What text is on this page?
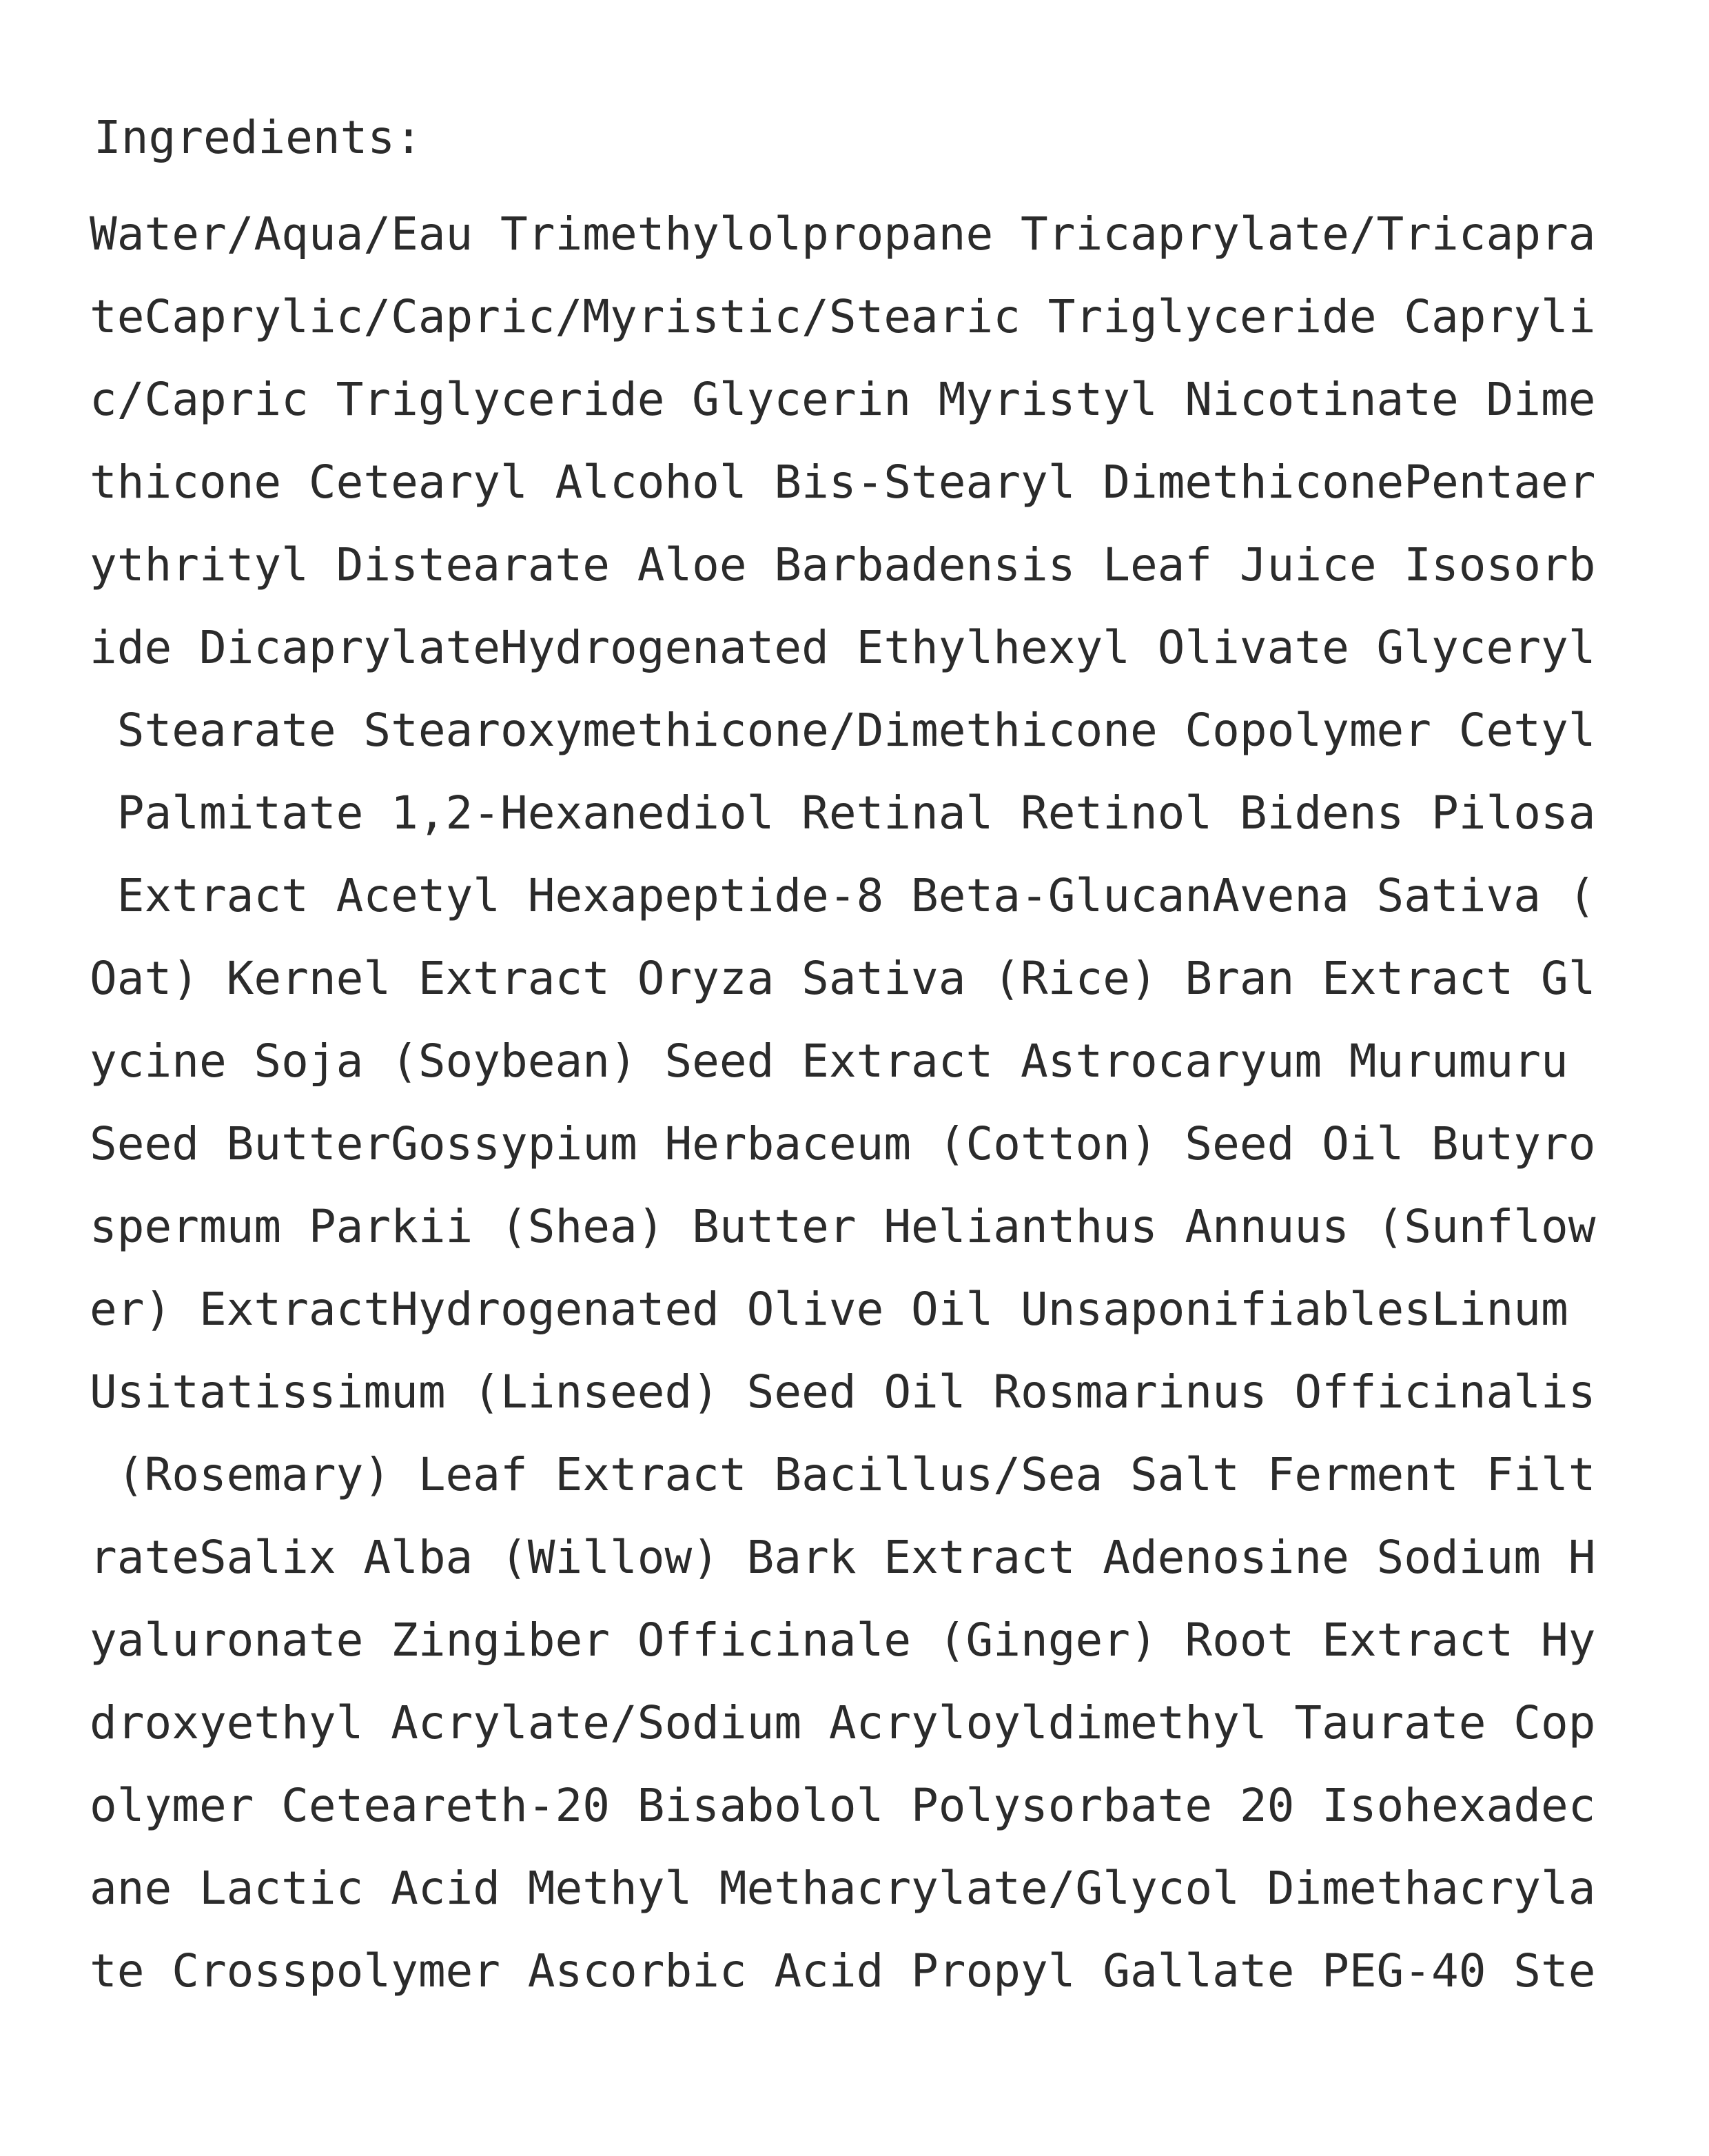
Ingredients:
Water/Aqua/Eau Trimethylolpropane Tricaprylate/Tricapra
teCaprylic/Capric/Myristic/Stearic Triglyceride Capryli
c/Capric Triglyceride Glycerin Myristyl Nicotinate Dime
thicone Cetearyl Alcohol Bis-Stearyl DimethiconePentaer
ythrityl Distearate Aloe Barbadensis Leaf Juice Isosorb
ide DicaprylateHydrogenated Ethylhexyl Olivate Glyceryl
Stearate Stearoxymethicone/Dimethicone Copolymer Cetyl
Palmitate 1,2-Hexanediol Retinal Retinol Bidens Pilosa
Extract Acetyl Hexapeptide-8 Beta-GlucanAvena Sativa (
Oat) Kernel Extract Oryza Sativa (Rice) Bran Extract Gl
ycine Soja (Soybean) Seed Extract Astrocaryum Murumuru
Seed ButterGossypium Herbaceum (Cotton) Seed Oil Butyro
spermum Parkii (Shea) Butter Helianthus Annuus (Sunflow
er) ExtractHydrogenated Olive Oil UnsaponifiablesLinum
Usitatissimum (Linseed) Seed Oil Rosmarinus Officinalis
(Rosemary) Leaf Extract Bacillus/Sea Salt Ferment Filt
rateSalix Alba (Willow) Bark Extract Adenosine Sodium H
yaluronate Zingiber Officinale (Ginger) Root Extract Hy
droxyethyl Acrylate/Sodium Acryloyldimethyl Taurate Cop
olymer Ceteareth-20 Bisabolol Polysorbate 20 Isohexadec
ane Lactic Acid Methyl Methacrylate/Glycol Dimethacryla
te Crosspolymer Ascorbic Acid Propyl Gallate PEG-40 Ste
